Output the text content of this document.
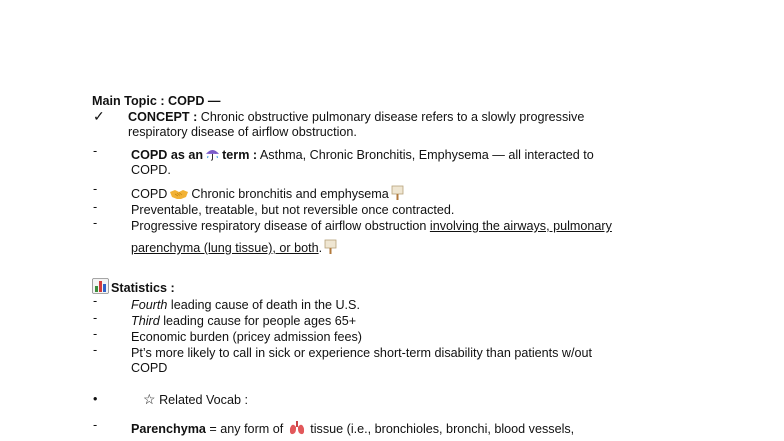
Main Topic : COPD —
✓	CONCEPT : Chronic obstructive pulmonary disease refers to a slowly progressive
respiratory disease of airflow obstruction.
-	COPD as an term : Asthma, Chronic Bronchitis, Emphysema — all interacted to
COPD.
-	COPD Chronic bronchitis and emphysema
-	Preventable, treatable, but not reversible once contracted.
-	Progressive respiratory disease of airflow obstruction involving the airways, pulmonary
parenchyma (lung tissue), or both.
Statistics :
-	Fourth leading cause of death in the U.S.
-	Third leading cause for people ages 65+
-	Economic burden (pricey admission fees)
-	Pt’s more likely to call in sick or experience short-term disability than patients w/out
COPD
•	☆ Related Vocab :
-	Parenchyma = any form of  tissue (i.e., bronchioles, bronchi, blood vessels,
